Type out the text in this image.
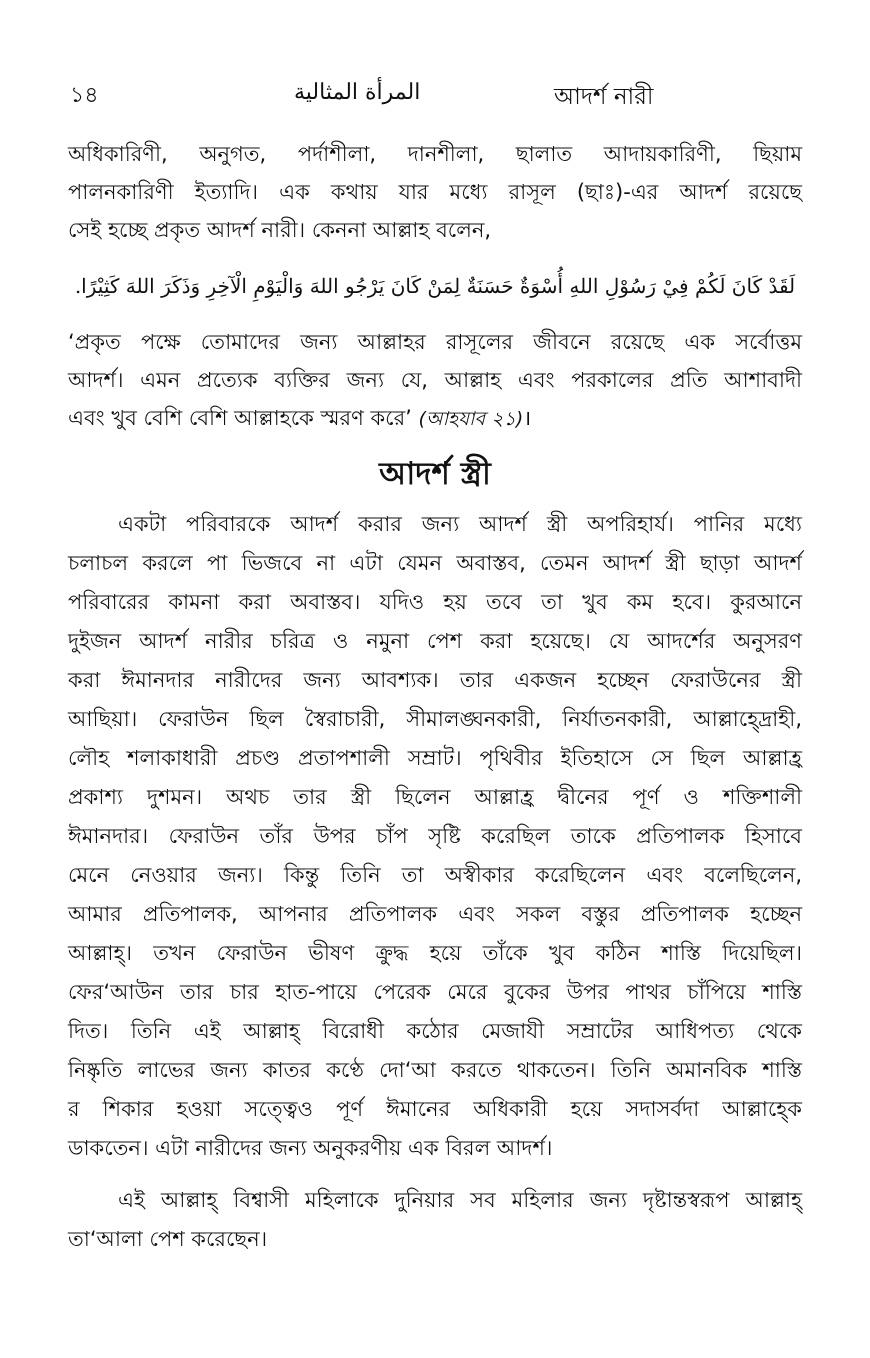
১৪	المرأة المثالية	আদর্শ নারী
অধিকারিণী, অনুগত, পর্দাশীলা, দানশীলা, ছালাত আদায়কারিণী, ছিয়াম
পালনকারিণী ইত্যাদি। এক কথায় যার মধ্যে রাসূল (ছাঃ)-এর আদর্শ রয়েছে
সেই হচ্ছে প্রকৃত আদর্শ নারী। কেননা আল্লাহ বলেন,
لَقَدْ كَانَ لَكُمْ فِيْ رَسُوْلِ اللهِ أُسْوَةٌ حَسَنَةٌ لِمَنْ كَانَ يَرْجُو اللهَ وَالْيَوْمِ الْآخِرِ وَذَكَرَ اللهَ كَثِيْرًا.
‘প্রকৃত পক্ষে তোমাদের জন্য আল্লাহর রাসূলের জীবনে রয়েছে এক সর্বোত্তম
আদর্শ। এমন প্রত্যেক ব্যক্তির জন্য যে, আল্লাহ এবং পরকালের প্রতি আশাবাদী
এবং খুব বেশি বেশি আল্লাহকে স্মরণ করে’ (আহযাব ২১)।
আদর্শ স্ত্রী
একটা পরিবারকে আদর্শ করার জন্য আদর্শ স্ত্রী অপরিহার্য। পানির মধ্যে
চলাচল করলে পা ভিজবে না এটা যেমন অবাস্তব, তেমন আদর্শ স্ত্রী ছাড়া আদর্শ
পরিবারের কামনা করা অবাস্তব। যদিও হয় তবে তা খুব কম হবে। কুরআনে
দুইজন আদর্শ নারীর চরিত্র ও নমুনা পেশ করা হয়েছে। যে আদর্শের অনুসরণ
করা ঈমানদার নারীদের জন্য আবশ্যক। তার একজন হচ্ছেন ফেরাউনের স্ত্রী
আছিয়া। ফেরাউন ছিল স্বৈরাচারী, সীমালঙ্ঘনকারী, নির্যাতনকারী, আল্লাহ্দ্রোহী,
লৌহ শলাকাধারী প্রচণ্ড প্রতাপশালী সম্রাট। পৃথিবীর ইতিহাসে সে ছিল আল্লাহ্র
প্রকাশ্য দুশমন। অথচ তার স্ত্রী ছিলেন আল্লাহ্র দ্বীনের পূর্ণ ও শক্তিশালী
ঈমানদার। ফেরাউন তাঁর উপর চাঁপ সৃষ্টি করেছিল তাকে প্রতিপালক হিসাবে
মেনে নেওয়ার জন্য। কিন্তু তিনি তা অস্বীকার করেছিলেন এবং বলেছিলেন,
আমার প্রতিপালক, আপনার প্রতিপালক এবং সকল বস্তুর প্রতিপালক হচ্ছেন
আল্লাহ্। তখন ফেরাউন ভীষণ ক্রুদ্ধ হয়ে তাঁকে খুব কঠিন শাস্তি দিয়েছিল।
ফের‘আউন তার চার হাত-পায়ে পেরেক মেরে বুকের উপর পাথর চাঁপিয়ে শাস্তি
দিত। তিনি এই আল্লাহ্ বিরোধী কঠোর মেজাযী সম্রাটের আধিপত্য থেকে
নিষ্কৃতি লাভের জন্য কাতর কণ্ঠে দো‘আ করতে থাকতেন। তিনি অমানবিক শাস্তি
র শিকার হওয়া সত্ত্বেও পূর্ণ ঈমানের অধিকারী হয়ে সদাসর্বদা আল্লাহ্কে
ডাকতেন। এটা নারীদের জন্য অনুকরণীয় এক বিরল আদর্শ।
এই আল্লাহ্ বিশ্বাসী মহিলাকে দুনিয়ার সব মহিলার জন্য দৃষ্টান্তস্বরূপ আল্লাহ্
তা‘আলা পেশ করেছেন।
